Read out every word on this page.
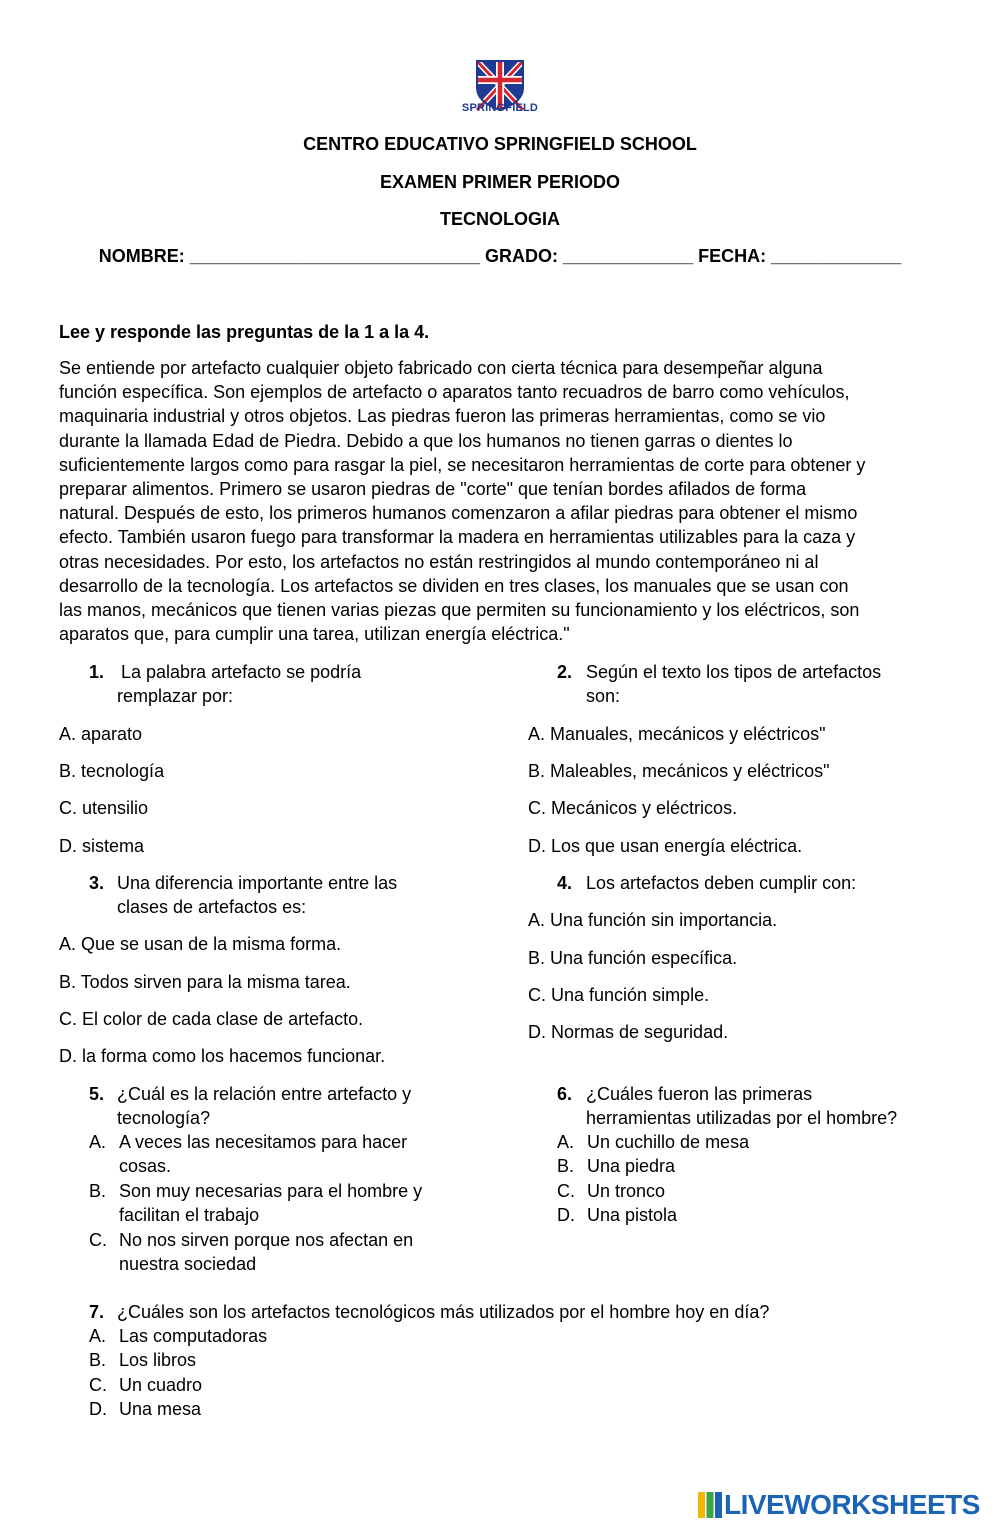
SPRINGFIELD
CENTRO EDUCATIVO SPRINGFIELD SCHOOL
EXAMEN PRIMER PERIODO
TECNOLOGIA
NOMBRE: _____________________________ GRADO: _____________ FECHA: _____________
Lee y responde las preguntas de la 1 a la 4.
Se entiende por artefacto cualquier objeto fabricado con cierta técnica para desempeñar alguna
función específica. Son ejemplos de artefacto o aparatos tanto recuadros de barro como vehículos,
maquinaria industrial y otros objetos. Las piedras fueron las primeras herramientas, como se vio
durante la llamada Edad de Piedra. Debido a que los humanos no tienen garras o dientes lo
suficientemente largos como para rasgar la piel, se necesitaron herramientas de corte para obtener y
preparar alimentos. Primero se usaron piedras de "corte" que tenían bordes afilados de forma
natural. Después de esto, los primeros humanos comenzaron a afilar piedras para obtener el mismo
efecto. También usaron fuego para transformar la madera en herramientas utilizables para la caza y
otras necesidades. Por esto, los artefactos no están restringidos al mundo contemporáneo ni al
desarrollo de la tecnología. Los artefactos se dividen en tres clases, los manuales que se usan con
las manos, mecánicos que tienen varias piezas que permiten su funcionamiento y los eléctricos, son
aparatos que, para cumplir una tarea, utilizan energía eléctrica."
1. La palabra artefacto se podría
remplazar por:
A. aparato
B. tecnología
C. utensilio
D. sistema
2. Según el texto los tipos de artefactos
son:
A. Manuales, mecánicos y eléctricos"
B. Maleables, mecánicos y eléctricos"
C. Mecánicos y eléctricos.
D. Los que usan energía eléctrica.
3. Una diferencia importante entre las
clases de artefactos es:
A. Que se usan de la misma forma.
B. Todos sirven para la misma tarea.
C. El color de cada clase de artefacto.
D. la forma como los hacemos funcionar.
4. Los artefactos deben cumplir con:
A. Una función sin importancia.
B. Una función específica.
C. Una función simple.
D. Normas de seguridad.
5. ¿Cuál es la relación entre artefacto y
tecnología?
A. A veces las necesitamos para hacer
cosas.
B. Son muy necesarias para el hombre y
facilitan el trabajo
C. No nos sirven porque nos afectan en
nuestra sociedad
6. ¿Cuáles fueron las primeras
herramientas utilizadas por el hombre?
A. Un cuchillo de mesa
B. Una piedra
C. Un tronco
D. Una pistola
7. ¿Cuáles son los artefactos tecnológicos más utilizados por el hombre hoy en día?
A. Las computadoras
B. Los libros
C. Un cuadro
D. Una mesa
LIVEWORKSHEETS
